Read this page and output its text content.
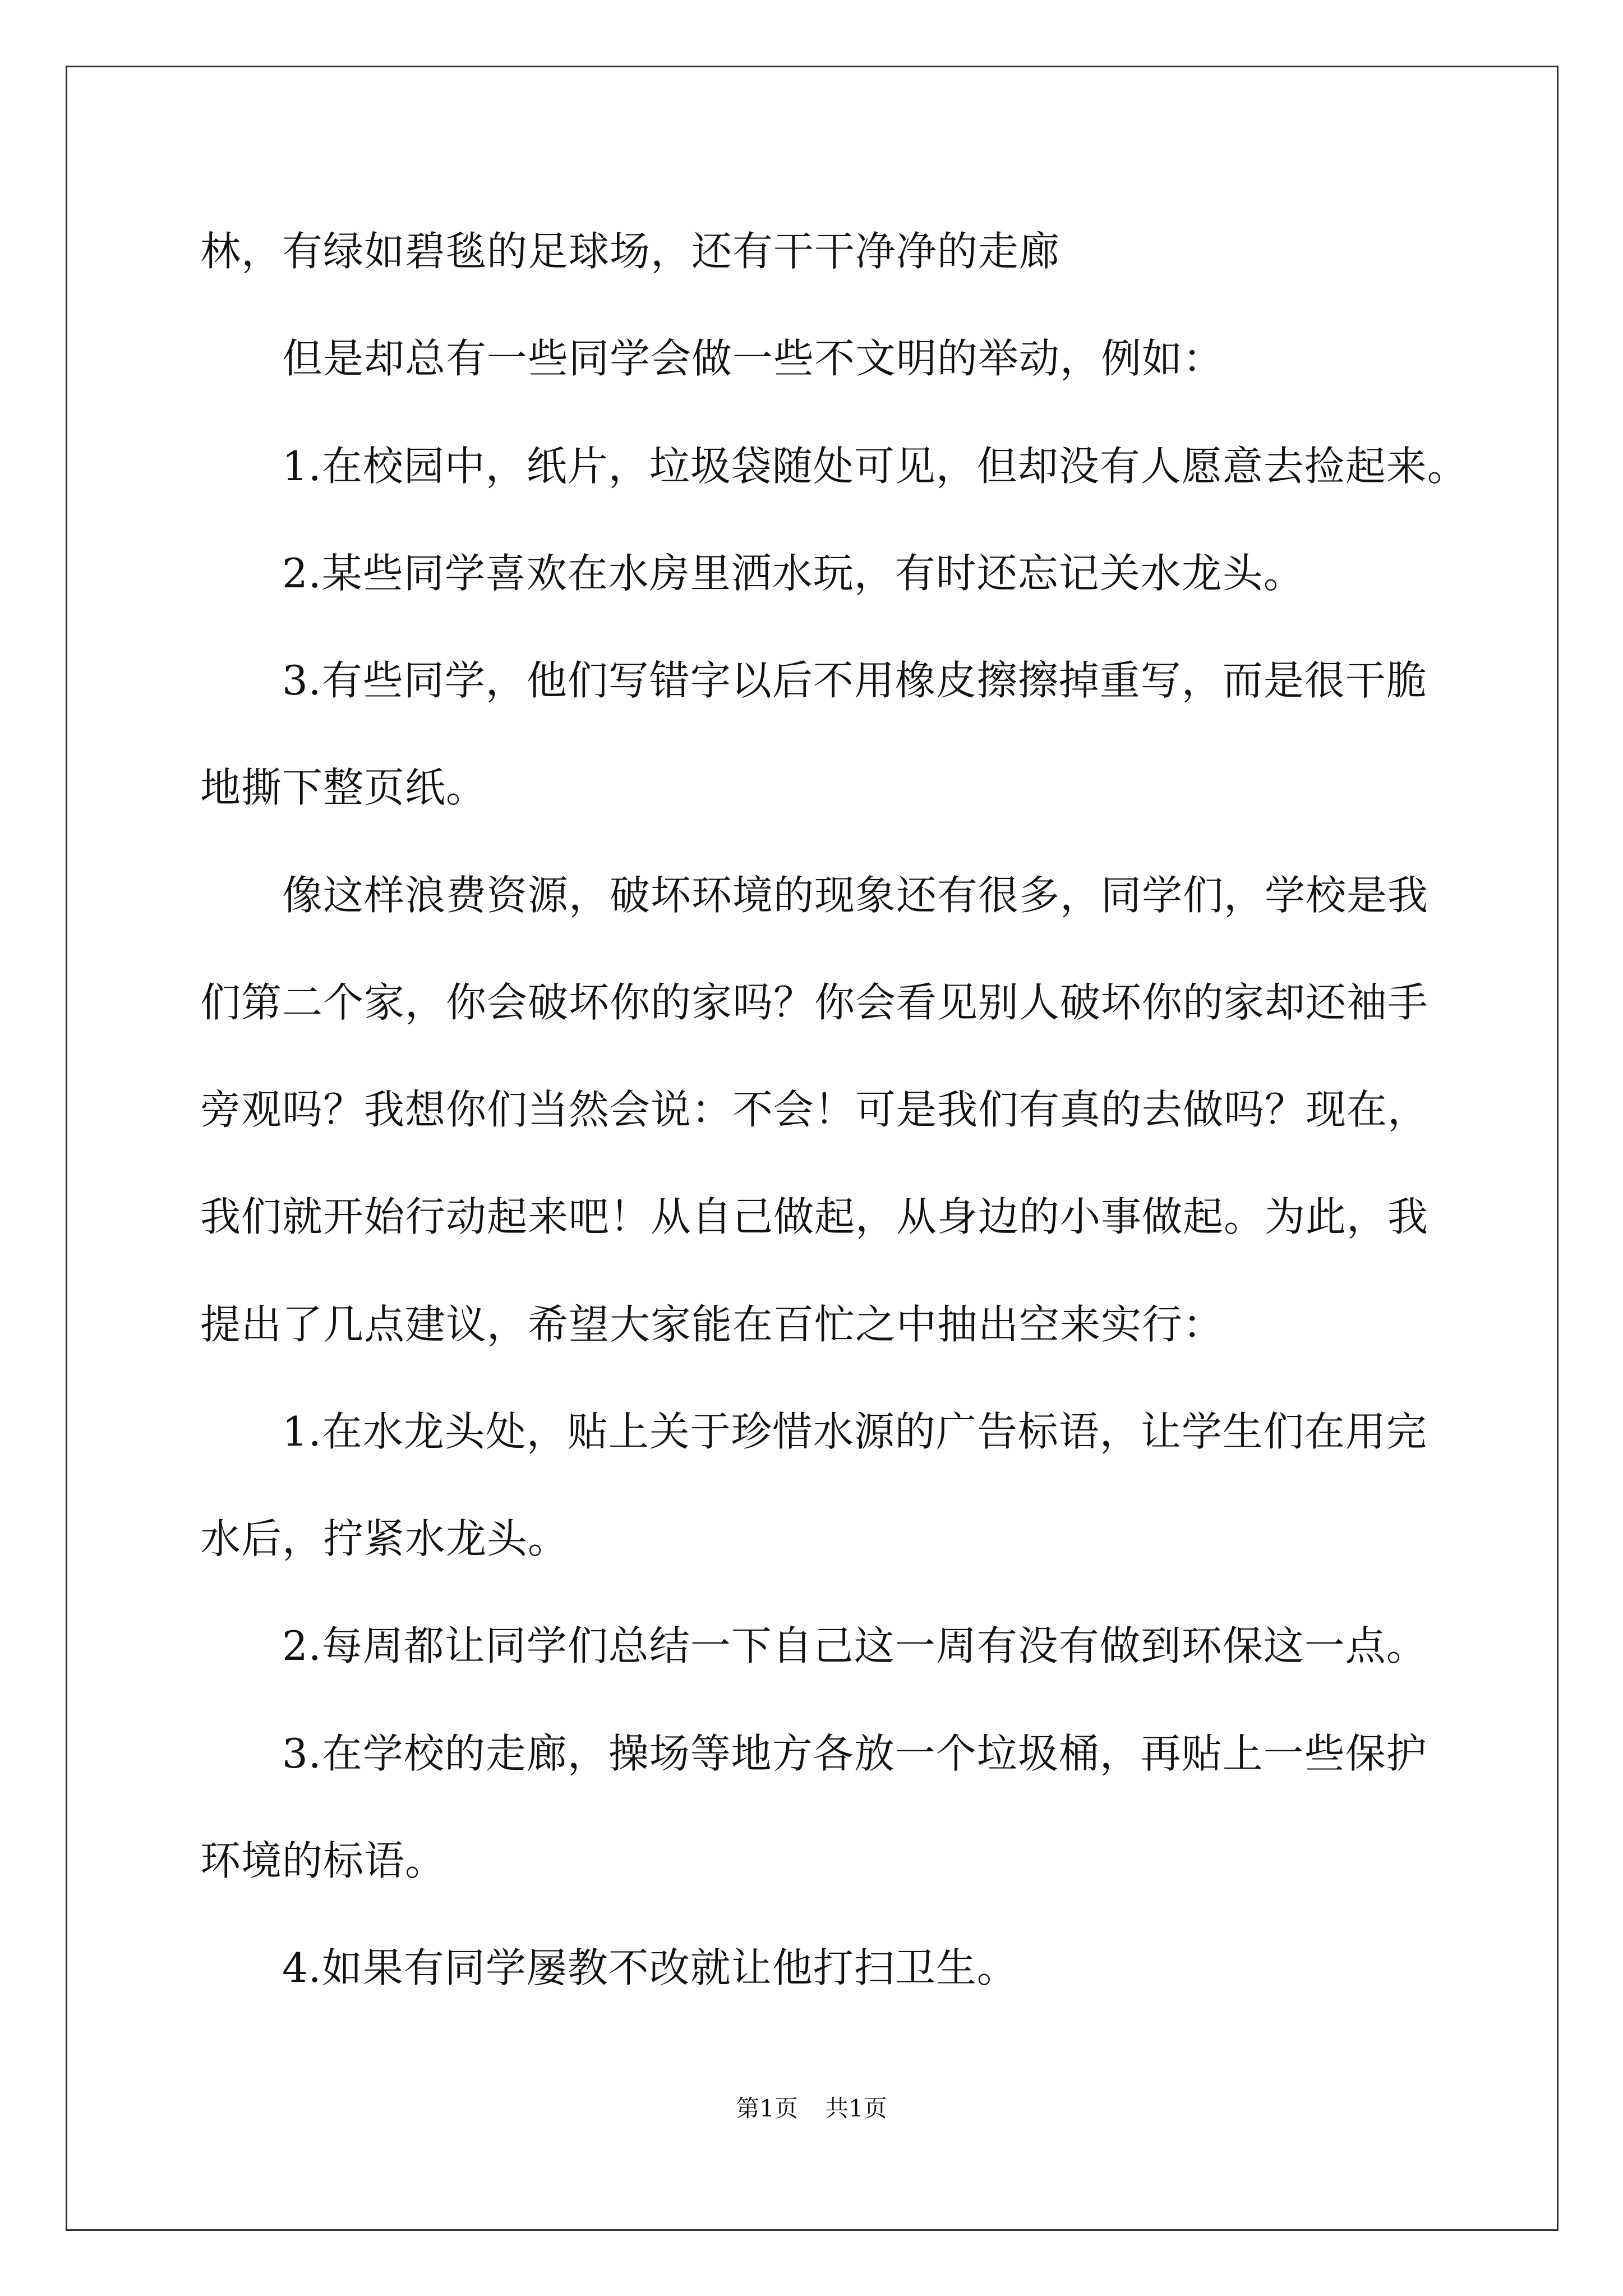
林，有绿如碧毯的足球场，还有干干净净的走廊

　　但是却总有一些同学会做一些不文明的举动，例如：

　　1.在校园中，纸片，垃圾袋随处可见，但却没有人愿意去捡起来。

　　2.某些同学喜欢在水房里洒水玩，有时还忘记关水龙头。

　　3.有些同学，他们写错字以后不用橡皮擦擦掉重写，而是很干脆

地撕下整页纸。

　　像这样浪费资源，破坏环境的现象还有很多，同学们，学校是我

们第二个家，你会破坏你的家吗？你会看见别人破坏你的家却还袖手

旁观吗？我想你们当然会说：不会！可是我们有真的去做吗？现在，

我们就开始行动起来吧！从自己做起，从身边的小事做起。为此，我

提出了几点建议，希望大家能在百忙之中抽出空来实行：

　　1.在水龙头处，贴上关于珍惜水源的广告标语，让学生们在用完

水后，拧紧水龙头。

　　2.每周都让同学们总结一下自己这一周有没有做到环保这一点。

　　3.在学校的走廊，操场等地方各放一个垃圾桶，再贴上一些保护

环境的标语。

　　4.如果有同学屡教不改就让他打扫卫生。

第1页 共1页
